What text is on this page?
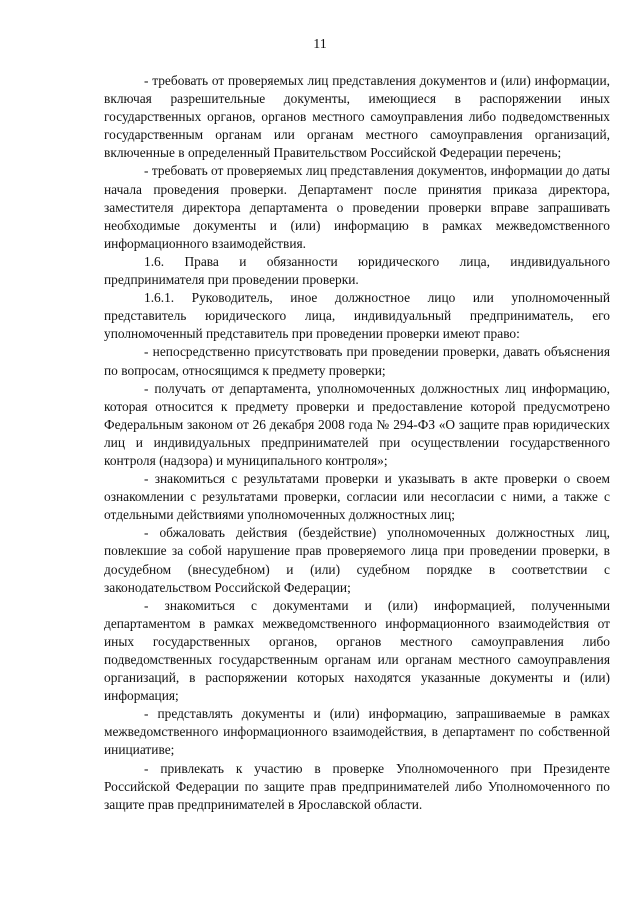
11

- требовать от проверяемых лиц представления документов и (или) информации, включая разрешительные документы, имеющиеся в распоряжении иных государственных органов, органов местного самоуправления либо подведомственных государственным органам или органам местного самоуправления организаций, включенные в определенный Правительством Российской Федерации перечень;

- требовать от проверяемых лиц представления документов, информации до даты начала проведения проверки. Департамент после принятия приказа директора, заместителя директора департамента о проведении проверки вправе запрашивать необходимые документы и (или) информацию в рамках межведомственного информационного взаимодействия.

1.6. Права и обязанности юридического лица, индивидуального предпринимателя при проведении проверки.

1.6.1. Руководитель, иное должностное лицо или уполномоченный представитель юридического лица, индивидуальный предприниматель, его уполномоченный представитель при проведении проверки имеют право:

- непосредственно присутствовать при проведении проверки, давать объяснения по вопросам, относящимся к предмету проверки;

- получать от департамента, уполномоченных должностных лиц информацию, которая относится к предмету проверки и предоставление которой предусмотрено Федеральным законом от 26 декабря 2008 года № 294-ФЗ «О защите прав юридических лиц и индивидуальных предпринимателей при осуществлении государственного контроля (надзора) и муниципального контроля»;

- знакомиться с результатами проверки и указывать в акте проверки о своем ознакомлении с результатами проверки, согласии или несогласии с ними, а также с отдельными действиями уполномоченных должностных лиц;

- обжаловать действия (бездействие) уполномоченных должностных лиц, повлекшие за собой нарушение прав проверяемого лица при проведении проверки, в досудебном (внесудебном) и (или) судебном порядке в соответствии с законодательством Российской Федерации;

- знакомиться с документами и (или) информацией, полученными департаментом в рамках межведомственного информационного взаимодействия от иных государственных органов, органов местного самоуправления либо подведомственных государственным органам или органам местного самоуправления организаций, в распоряжении которых находятся указанные документы и (или) информация;

- представлять документы и (или) информацию, запрашиваемые в рамках межведомственного информационного взаимодействия, в департамент по собственной инициативе;

- привлекать к участию в проверке Уполномоченного при Президенте Российской Федерации по защите прав предпринимателей либо Уполномоченного по защите прав предпринимателей в Ярославской области.
